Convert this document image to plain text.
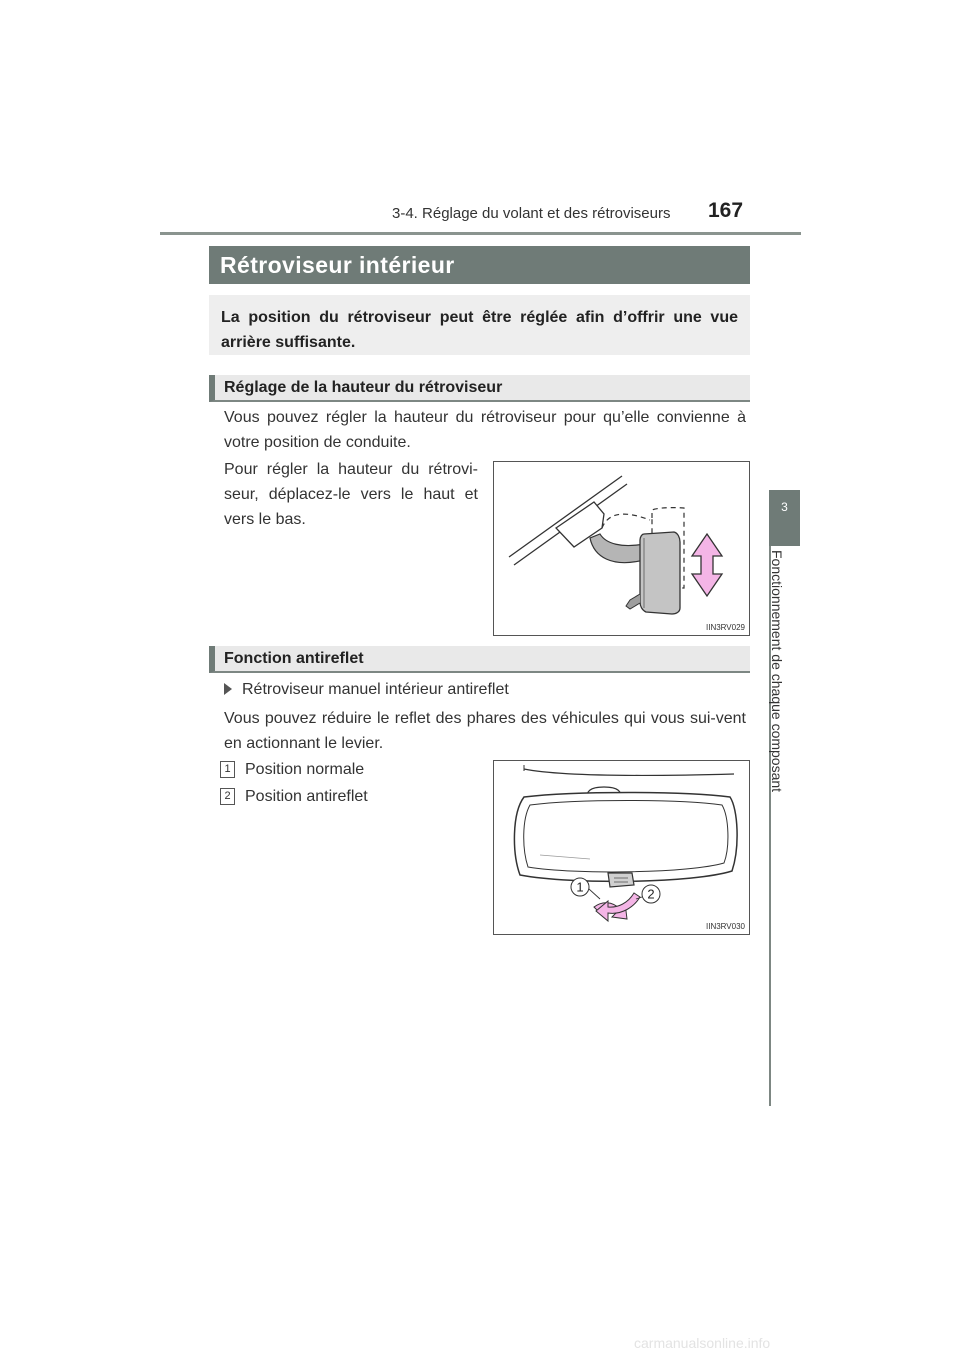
3-4. Réglage du volant et des rétroviseurs 167
3
Fonctionnement de chaque composant
Rétroviseur intérieur
La position du rétroviseur peut être réglée afin d’offrir une vue arrière suffisante.
Réglage de la hauteur du rétroviseur
Vous pouvez régler la hauteur du rétroviseur pour qu’elle convienne à votre position de conduite.
Pour régler la hauteur du rétrovi-seur, déplacez-le vers le haut et vers le bas.
IIN3RV029
Fonction antireflet
Rétroviseur manuel intérieur antireflet
Vous pouvez réduire le reflet des phares des véhicules qui vous sui-vent en actionnant le levier.
1 Position normale
2 Position antireflet
1	2
IIN3RV030
carmanualsonline.info
